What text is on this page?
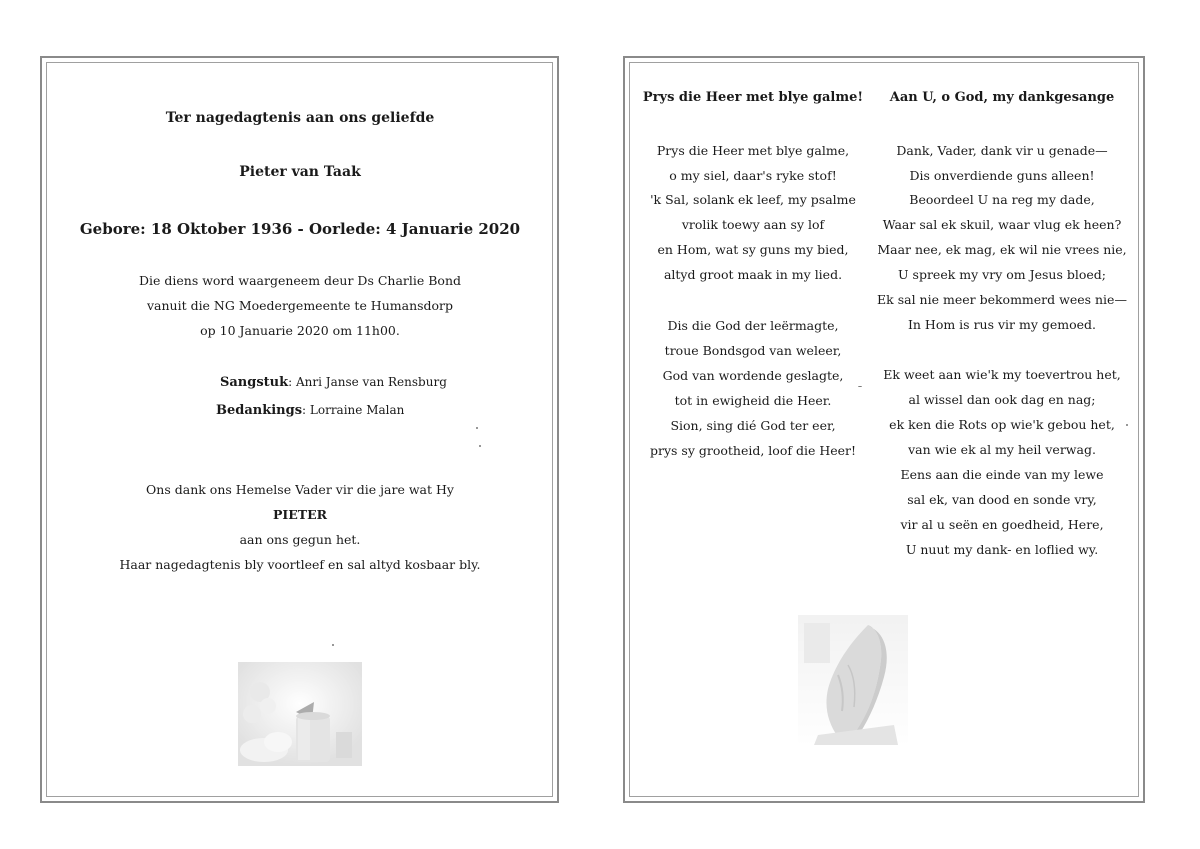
Ter nagedagtenis aan ons geliefde
Pieter van Taak
Gebore: 18 Oktober 1936 - Oorlede: 4 Januarie 2020
Die diens word waargeneem deur Ds Charlie Bond
vanuit die NG Moedergemeente te Humansdorp
op 10 Januarie 2020 om 11h00.
Sangstuk: Anri Janse van Rensburg
Bedankings: Lorraine Malan
Ons dank ons Hemelse Vader vir die jare wat Hy
PIETER
aan ons gegun het.
Haar nagedagtenis bly voortleef en sal altyd kosbaar bly.
Prys die Heer met blye galme! Aan U, o God, my dankgesange
Prys die Heer met blye galme,
o my siel, daar's ryke stof!
'k Sal, solank ek leef, my psalme
vrolik toewy aan sy lof
en Hom, wat sy guns my bied,
altyd groot maak in my lied.
Dis die God der leërmagte,
troue Bondsgod van weleer,
God van wordende geslagte,
tot in ewigheid die Heer.
Sion, sing dié God ter eer,
prys sy grootheid, loof die Heer!
Dank, Vader, dank vir u genade—
Dis onverdiende guns alleen!
Beoordeel U na reg my dade,
Waar sal ek skuil, waar vlug ek heen?
Maar nee, ek mag, ek wil nie vrees nie,
U spreek my vry om Jesus bloed;
Ek sal nie meer bekommerd wees nie—
In Hom is rus vir my gemoed.
Ek weet aan wie'k my toevertrou het,
al wissel dan ook dag en nag;
ek ken die Rots op wie'k gebou het,
van wie ek al my heil verwag.
Eens aan die einde van my lewe
sal ek, van dood en sonde vry,
vir al u seën en goedheid, Here,
U nuut my dank- en loflied wy.
